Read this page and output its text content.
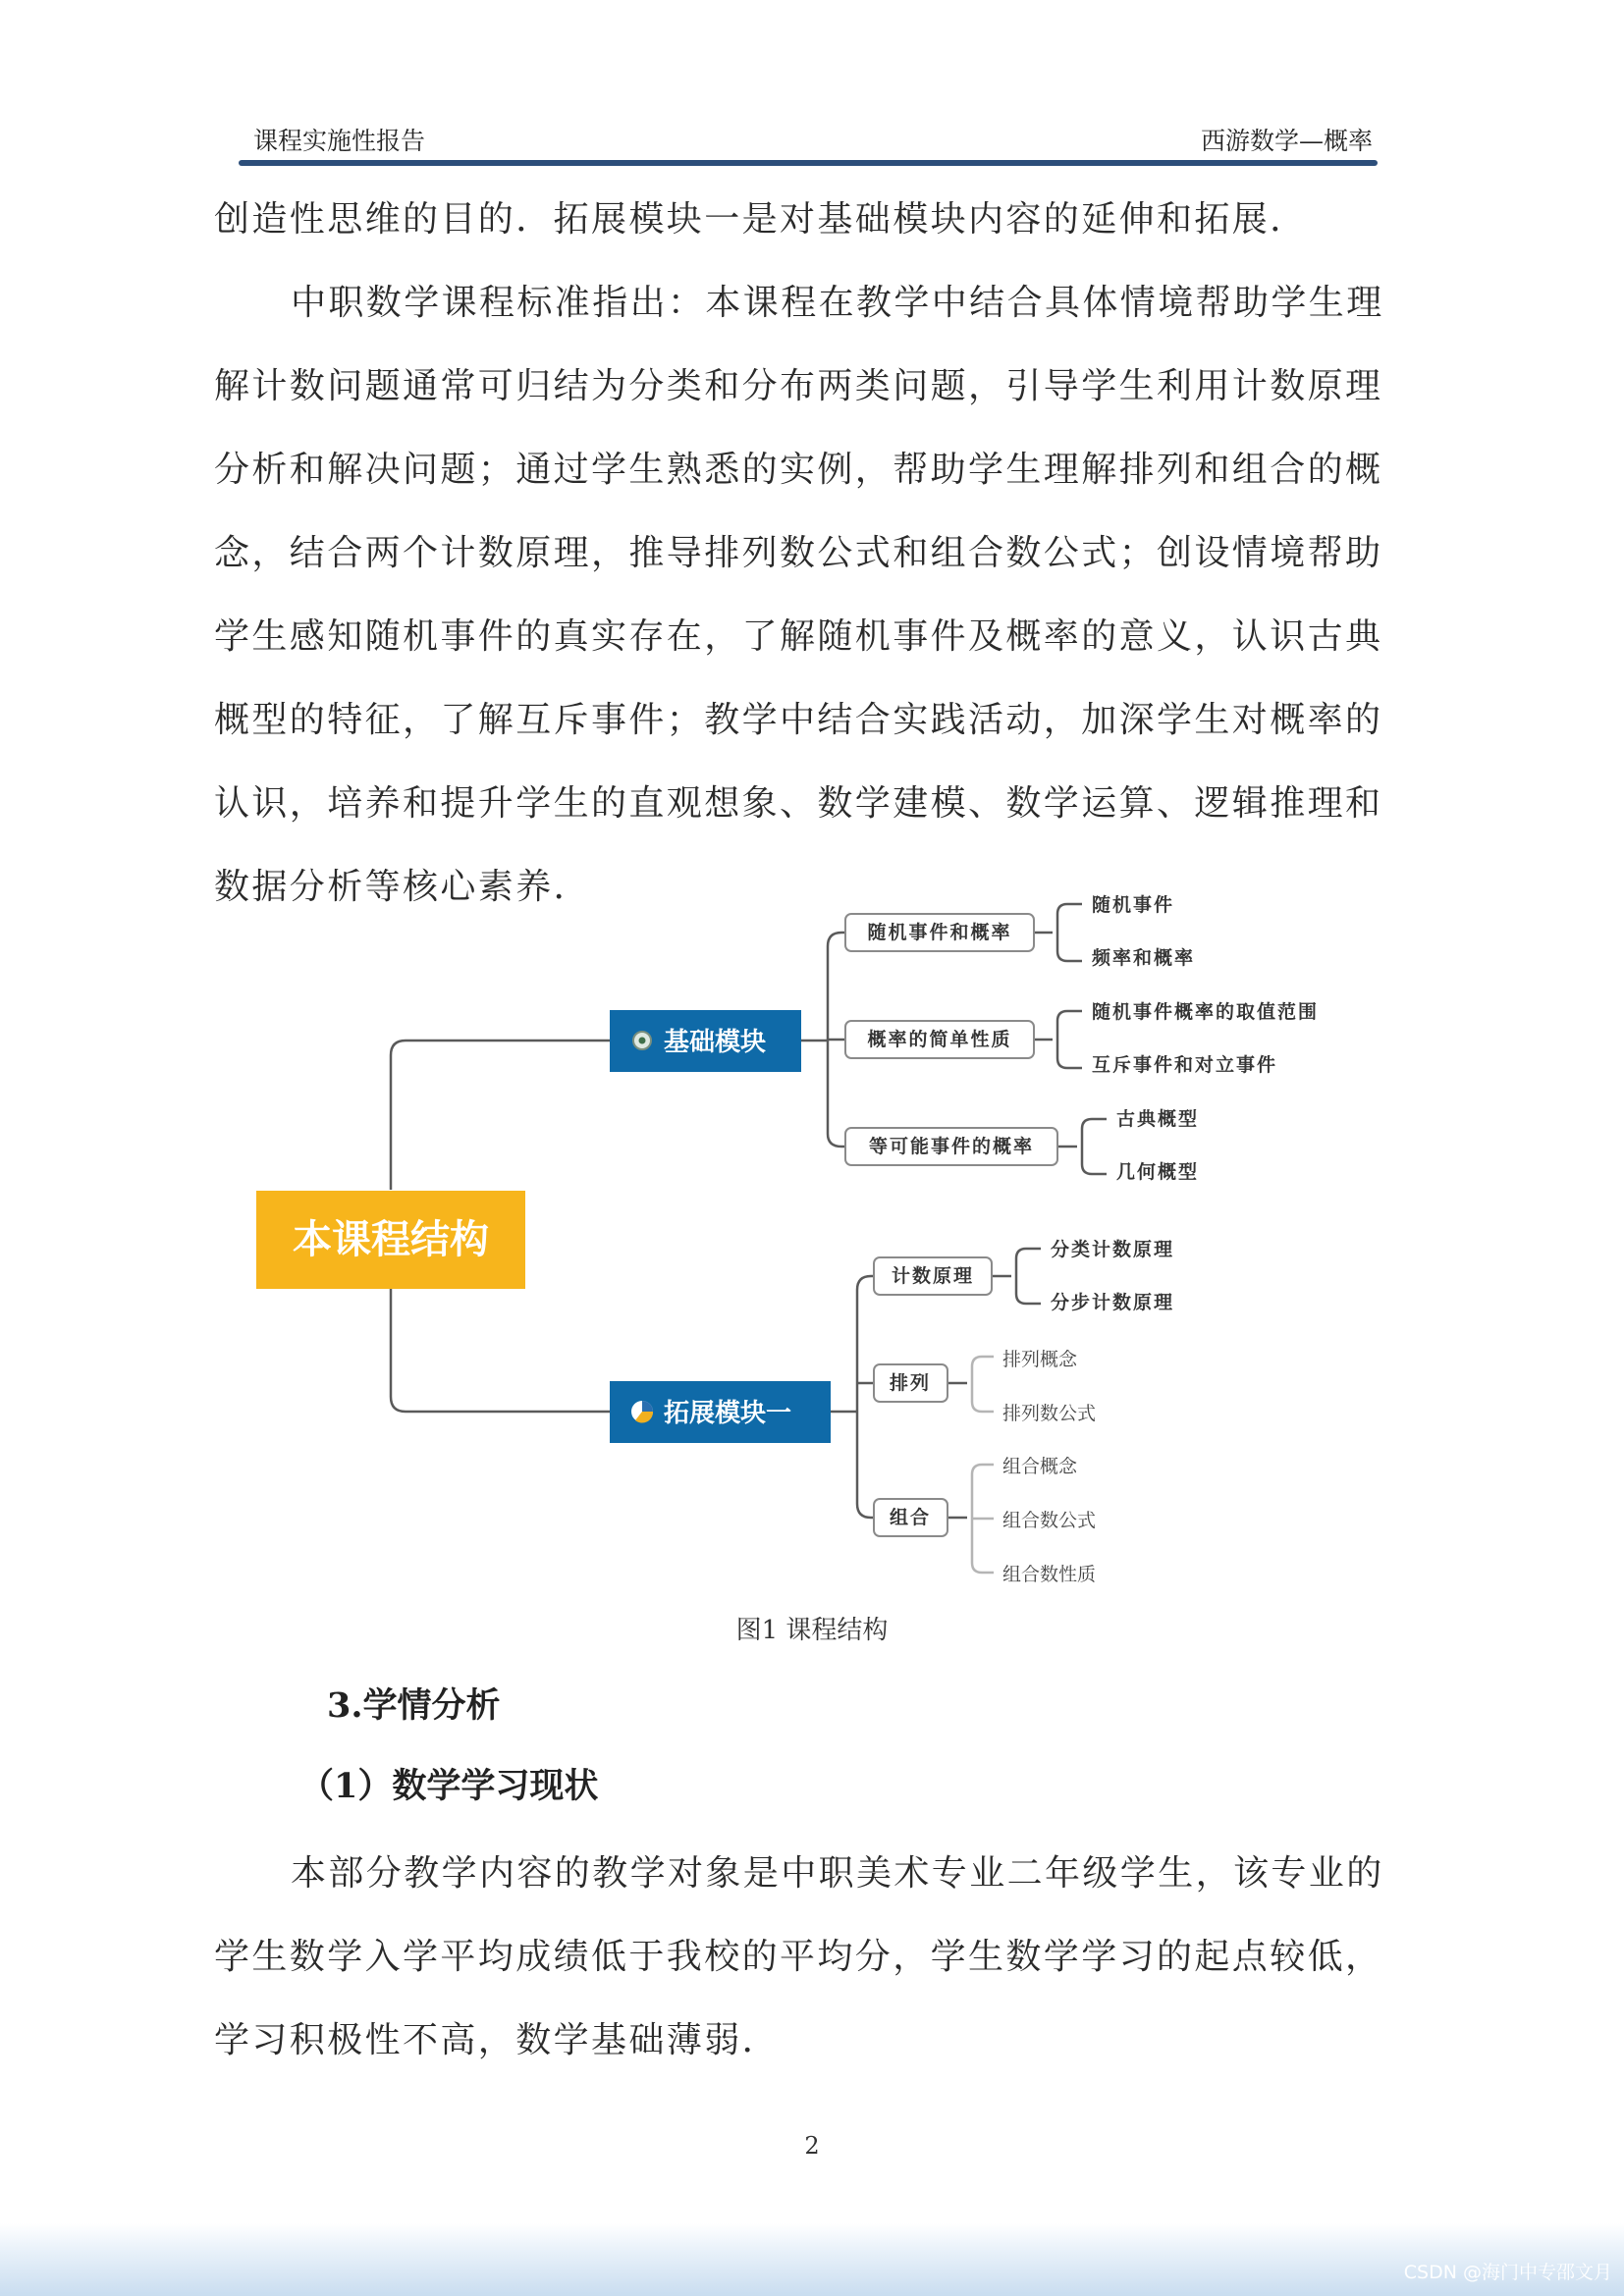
课程实施性报告	西游数学—概率
创造性思维的目的．拓展模块一是对基础模块内容的延伸和拓展．
中职数学课程标准指出：本课程在教学中结合具体情境帮助学生理
解计数问题通常可归结为分类和分布两类问题，引导学生利用计数原理
分析和解决问题；通过学生熟悉的实例，帮助学生理解排列和组合的概
念，结合两个计数原理，推导排列数公式和组合数公式；创设情境帮助
学生感知随机事件的真实存在，了解随机事件及概率的意义，认识古典
概型的特征，了解互斥事件；教学中结合实践活动，加深学生对概率的
认识，培养和提升学生的直观想象、数学建模、数学运算、逻辑推理和
数据分析等核心素养．
本课程结构
基础模块
拓展模块一
随机事件和概率
概率的简单性质
等可能事件的概率
计数原理
排列
组合
随机事件
频率和概率
随机事件概率的取值范围
互斥事件和对立事件
古典概型
几何概型
分类计数原理
分步计数原理
排列概念
排列数公式
组合概念
组合数公式
组合数性质
图1 课程结构
3.学情分析
（1）数学学习现状
本部分教学内容的教学对象是中职美术专业二年级学生，该专业的
学生数学入学平均成绩低于我校的平均分，学生数学学习的起点较低，
学习积极性不高，数学基础薄弱．
2
CSDN @海门中专邵文月
